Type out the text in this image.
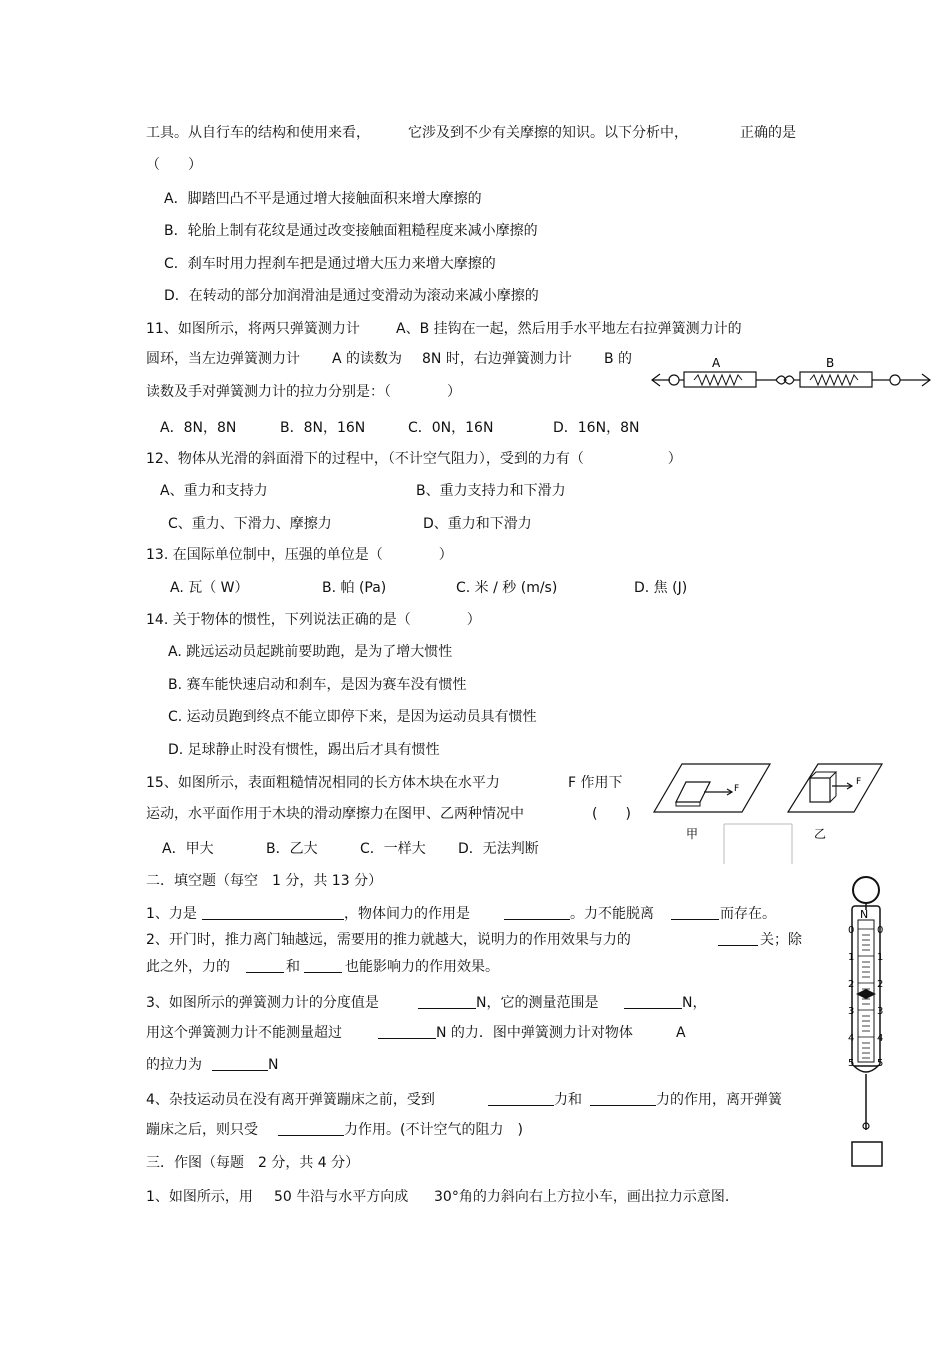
工具。从自行车的结构和使用来看，	它涉及到不少有关摩擦的知识。以下分析中，	正确的是
（　　）
A．脚踏凹凸不平是通过增大接触面积来增大摩擦的
B．轮胎上制有花纹是通过改变接触面粗糙程度来减小摩擦的
C．刹车时用力捏刹车把是通过增大压力来增大摩擦的
D．在转动的部分加润滑油是通过变滑动为滚动来减小摩擦的
11、如图所示，将两只弹簧测力计	A、B 挂钩在一起，然后用手水平地左右拉弹簧测力计的
圆环，当左边弹簧测力计 A 的读数为 8N 时，右边弹簧测力计 B 的
读数及手对弹簧测力计的拉力分别是：（　　　　）
A．8N，8N	B．8N，16N	C．0N，16N	D．16N，8N
A	B
12、物体从光滑的斜面滑下的过程中，（不计空气阻力），受到的力有（　　　　　　）
A、重力和支持力	B、重力支持力和下滑力
C、重力、下滑力、摩擦力	D、重力和下滑力
13. 在国际单位制中，压强的单位是（　　　　）
A. 瓦（ W）	B. 帕 (Pa)	C. 米 / 秒 (m/s)	D. 焦 (J)
14. 关于物体的惯性，下列说法正确的是（　　　　）
A. 跳远运动员起跳前要助跑，是为了增大惯性
B. 赛车能快速启动和刹车，是因为赛车没有惯性
C. 运动员跑到终点不能立即停下来，是因为运动员具有惯性
D. 足球静止时没有惯性，踢出后才具有惯性
15、如图所示，表面粗糙情况相同的长方体木块在水平力	F 作用下
运动，水平面作用于木块的滑动摩擦力在图甲、乙两种情况中	(　　)
A．甲大	B．乙大	C．一样大 D．无法判断
F
甲
F
乙
二．填空题（每空　1 分，共 13 分）
1、力是	，物体间力的作用是	。力不能脱离	而存在。
2、开门时，推力离门轴越远，需要用的推力就越大，说明力的作用效果与力的	关；除
此之外，力的	和	也能影响力的作用效果。
3、如图所示的弹簧测力计的分度值是	N，它的测量范围是	N，
用这个弹簧测力计不能测量超过	N 的力．图中弹簧测力计对物体	A
的拉力为	N
4、杂技运动员在没有离开弹簧蹦床之前，受到	力和	力的作用，离开弹簧
蹦床之后，则只受	力作用。(不计空气的阻力　)
N
0
1
2
3
4
5
0
1
2
3
4
5
三．作图（每题　2 分，共 4 分）
1、如图所示，用 50 牛沿与水平方向成 30°角的力斜向右上方拉小车，画出拉力示意图.
